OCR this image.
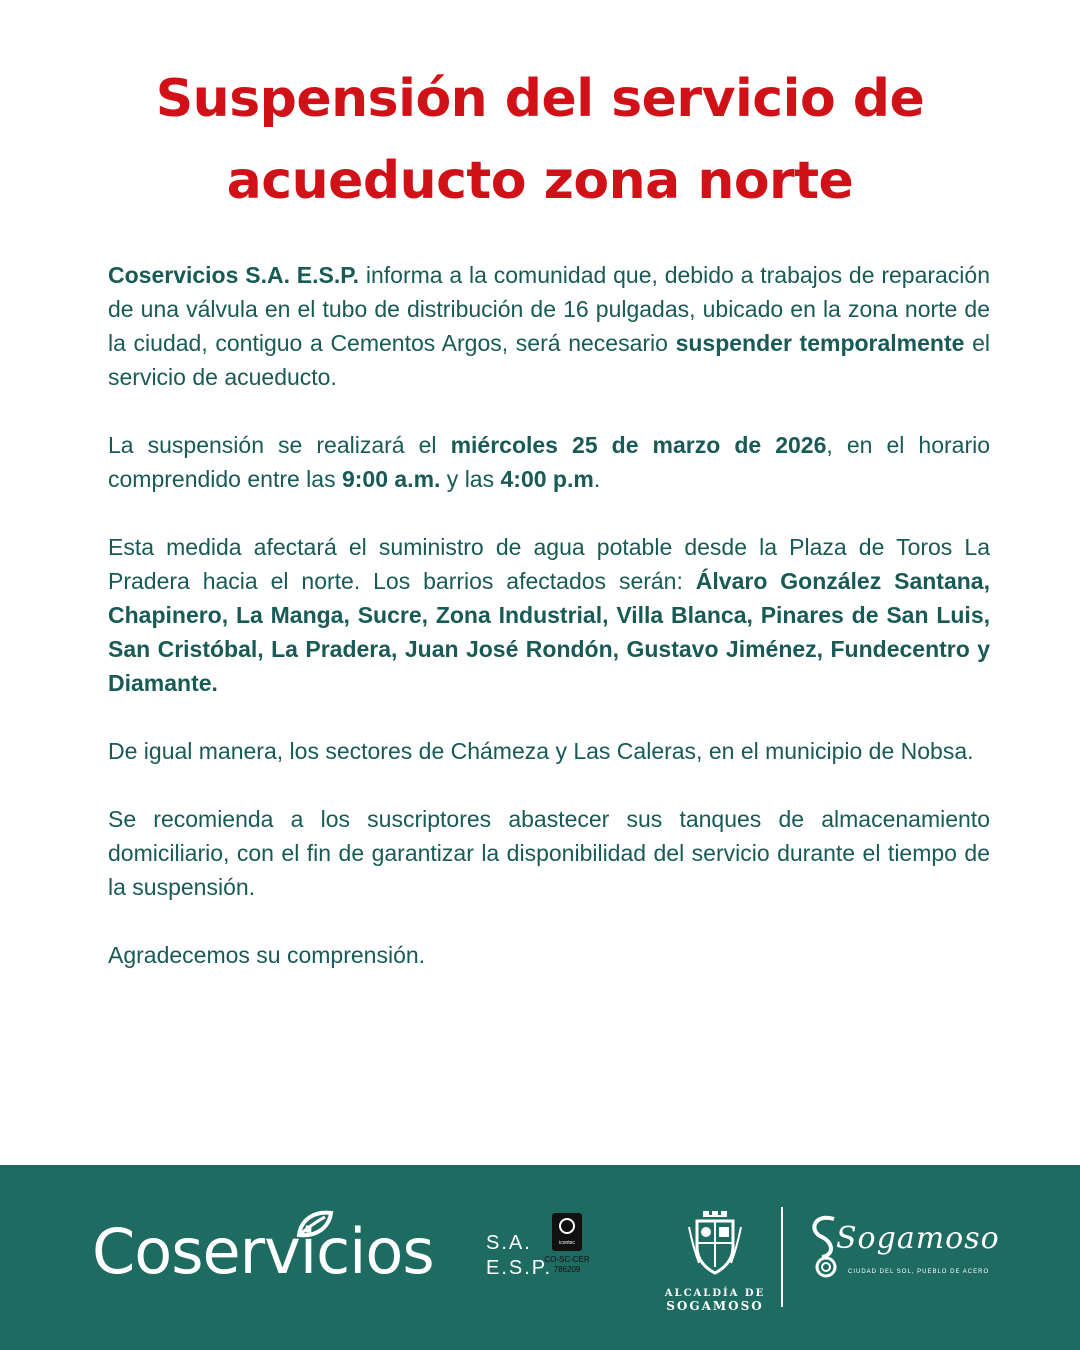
Suspensión del servicio de
acueducto zona norte

Coservicios S.A. E.S.P. informa a la comunidad que, debido a trabajos de reparación de una válvula en el tubo de distribución de 16 pulgadas, ubicado en la zona norte de la ciudad, contiguo a Cementos Argos, será necesario suspender temporalmente el servicio de acueducto.

La suspensión se realizará el miércoles 25 de marzo de 2026, en el horario comprendido entre las 9:00 a.m. y las 4:00 p.m.

Esta medida afectará el suministro de agua potable desde la Plaza de Toros La Pradera hacia el norte. Los barrios afectados serán: Álvaro González Santana, Chapinero, La Manga, Sucre, Zona Industrial, Villa Blanca, Pinares de San Luis, San Cristóbal, La Pradera, Juan José Rondón, Gustavo Jiménez, Fundecentro y Diamante.

De igual manera, los sectores de Chámeza y Las Caleras, en el municipio de Nobsa.

Se recomienda a los suscriptores abastecer sus tanques de almacenamiento domiciliario, con el fin de garantizar la disponibilidad del servicio durante el tiempo de la suspensión.

Agradecemos su comprensión.

Coservicios	S.A.
E.S.P.
icontec
CO-SC-CER
786209
ALCALDÍA DE
SOGAMOSO
Sogamoso
CIUDAD DEL SOL, PUEBLO DE ACERO
